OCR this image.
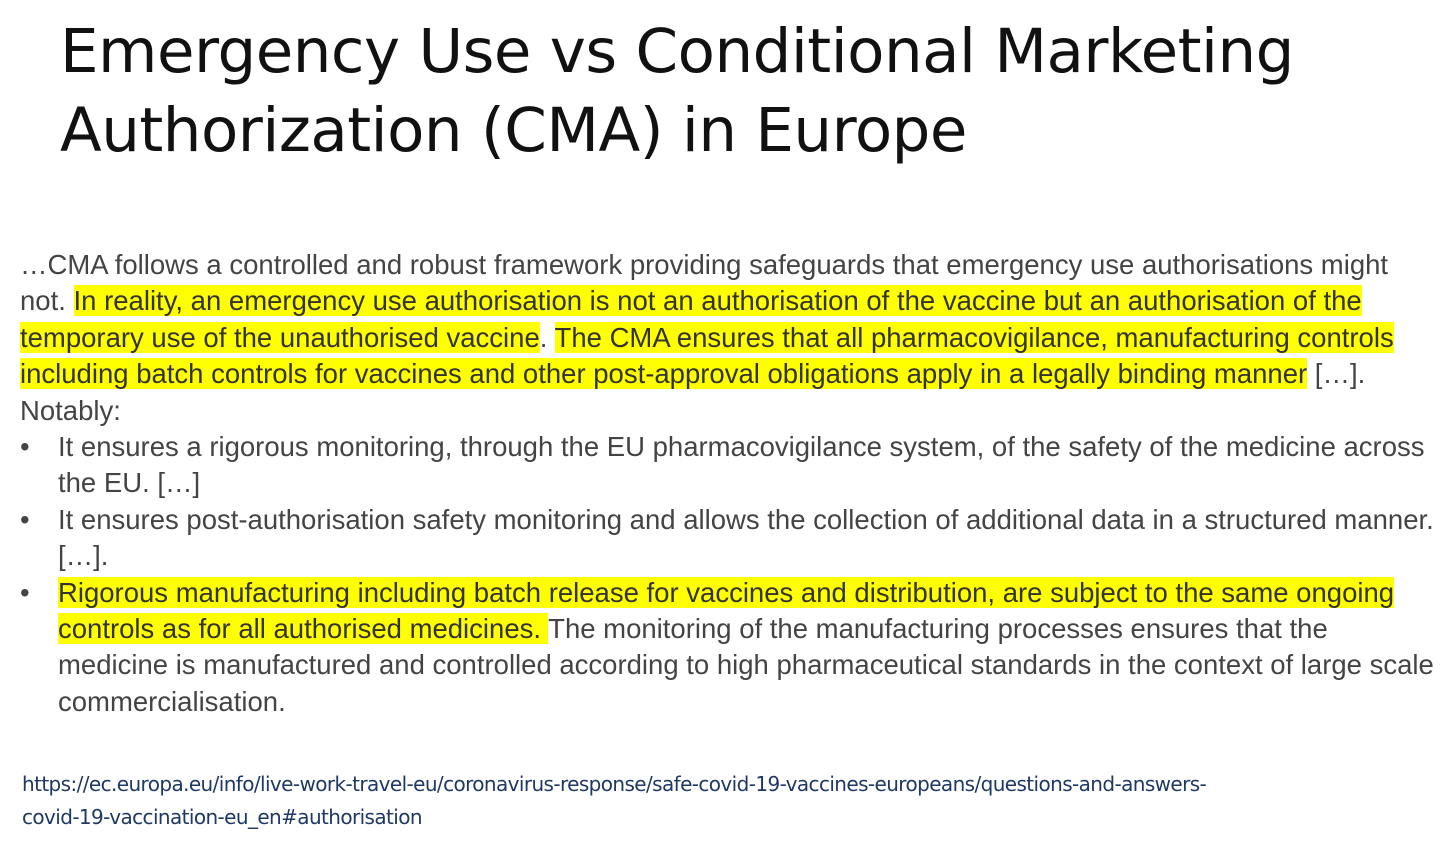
Emergency Use vs Conditional Marketing
Authorization (CMA) in Europe

…CMA follows a controlled and robust framework providing safeguards that emergency use authorisations might not. In reality, an emergency use authorisation is not an authorisation of the vaccine but an authorisation of the temporary use of the unauthorised vaccine. The CMA ensures that all pharmacovigilance, manufacturing controls including batch controls for vaccines and other post-approval obligations apply in a legally binding manner […]. Notably:

•	It ensures a rigorous monitoring, through the EU pharmacovigilance system, of the safety of the medicine across the EU. […]
•	It ensures post-authorisation safety monitoring and allows the collection of additional data in a structured manner. […].
•	Rigorous manufacturing including batch release for vaccines and distribution, are subject to the same ongoing controls as for all authorised medicines. The monitoring of the manufacturing processes ensures that the medicine is manufactured and controlled according to high pharmaceutical standards in the context of large scale commercialisation.
https://ec.europa.eu/info/live-work-travel-eu/coronavirus-response/safe-covid-19-vaccines-europeans/questions-and-answers-
covid-19-vaccination-eu_en#authorisation
